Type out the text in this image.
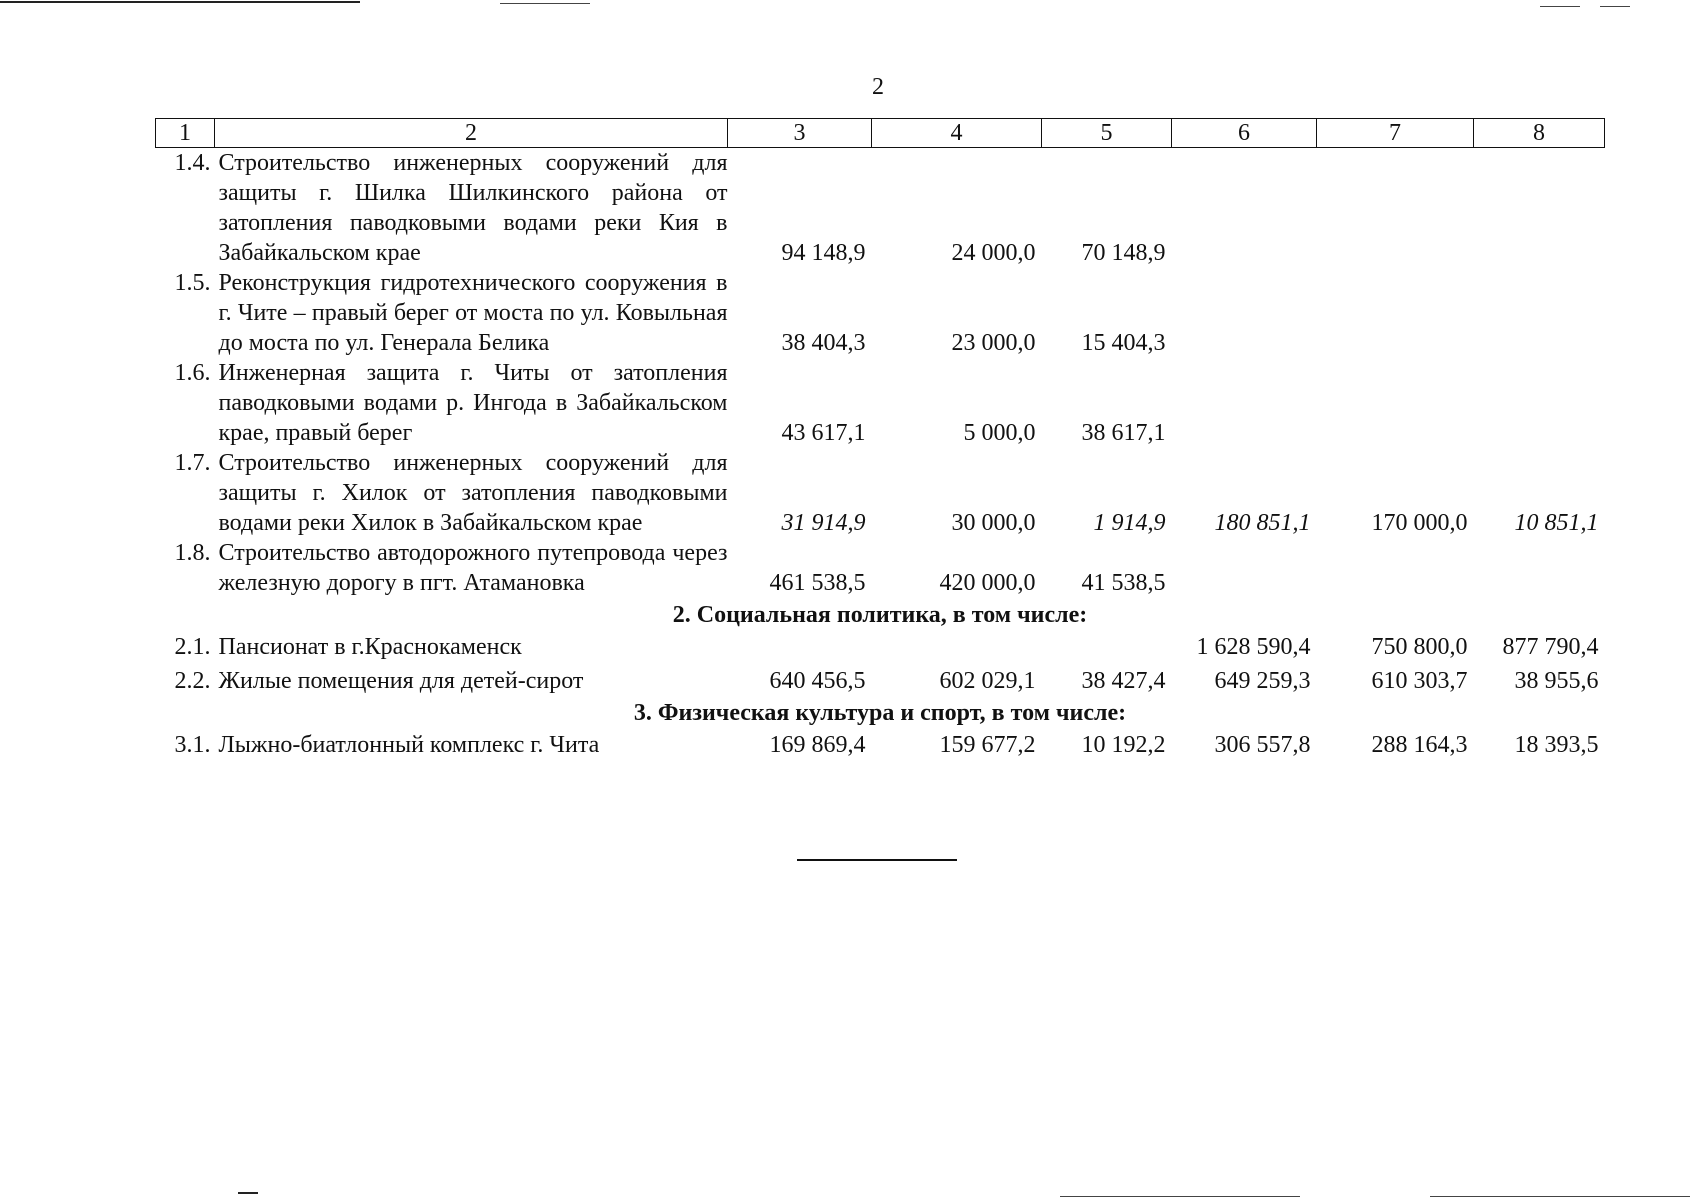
2
1	2	3	4	5	6	7	8
1.4.	Строительство инженерных сооружений для защиты г. Шилка Шилкинского района от затопления паводковыми водами реки Кия в Забайкальском крае	94 148,9	24 000,0	70 148,9			
1.5.	Реконструкция гидротехнического сооружения в г. Чите – правый берег от моста по ул. Ковыльная до моста по ул. Генерала Белика	38 404,3	23 000,0	15 404,3			
1.6.	Инженерная защита г. Читы от затопления паводковыми водами р. Ингода в Забайкальском крае, правый берег	43 617,1	5 000,0	38 617,1			
1.7.	Строительство инженерных сооружений для защиты г. Хилок от затопления паводковыми водами реки Хилок в Забайкальском крае	31 914,9	30 000,0	1 914,9	180 851,1	170 000,0	10 851,1
1.8.	Строительство автодорожного путепровода через железную дорогу в пгт. Атамановка	461 538,5	420 000,0	41 538,5			
2. Социальная политика, в том числе:							
2.1.	Пансионат в г.Краснокаменск				1 628 590,4	750 800,0	877 790,4
2.2.	Жилые помещения для детей-сирот	640 456,5	602 029,1	38 427,4	649 259,3	610 303,7	38 955,6
3. Физическая культура и спорт, в том числе:							
3.1.	Лыжно-биатлонный комплекс г. Чита	169 869,4	159 677,2	10 192,2	306 557,8	288 164,3	18 393,5
